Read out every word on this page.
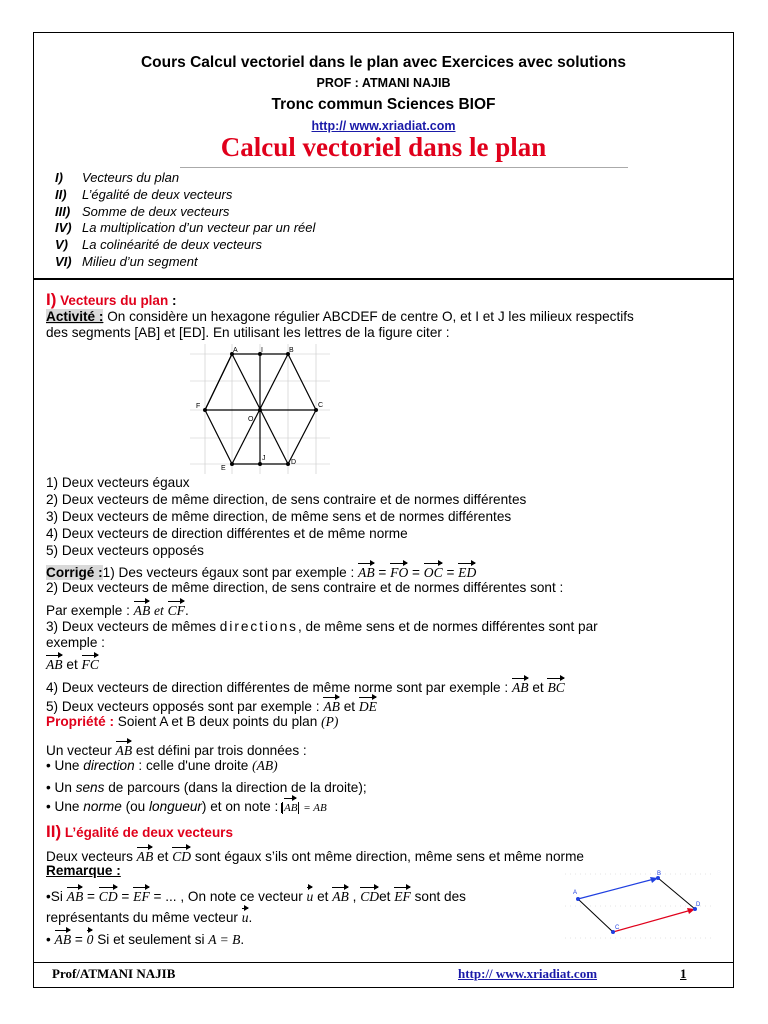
Cours Calcul vectoriel dans le plan avec Exercices avec solutions
PROF : ATMANI NAJIB
Tronc commun Sciences BIOF
http:// www.xriadiat.com
Calcul vectoriel dans le plan
I) Vecteurs du plan
II) L’égalité de deux vecteurs
III) Somme de deux vecteurs
IV) La multiplication d’un vecteur par un réel
V) La colinéarité de deux vecteurs
VI) Milieu d’un segment
I) Vecteurs du plan :
Activité : On considère un hexagone régulier ABCDEF de centre O, et I et J les milieux respectifs
des segments [AB] et [ED]. En utilisant les lettres de la figure citer :
A	I	B
F
O
C
E
J
D
1) Deux vecteurs égaux
2) Deux vecteurs de même direction, de sens contraire et de normes différentes
3) Deux vecteurs de même direction, de même sens et de normes différentes
4) Deux vecteurs de direction différentes et de même norme
5) Deux vecteurs opposés
Corrigé :1) Des vecteurs égaux sont par exemple : AB = FO = OC = ED
2) Deux vecteurs de même direction, de sens contraire et de normes différentes sont :
Par exemple : AB et CF.
3) Deux vecteurs de mêmes directions, de même sens et de normes différentes sont par
exemple :
AB et FC
4) Deux vecteurs de direction différentes de même norme sont par exemple : AB et BC
5) Deux vecteurs opposés sont par exemple : AB et DE
Propriété : Soient A et B deux points du plan (P)
Un vecteur AB est défini par trois données :
• Une direction : celle d'une droite (AB)
• Un sens de parcours (dans la direction de la droite);
• Une norme (ou longueur) et on note : AB = AB
II) L’égalité de deux vecteurs
Deux vecteurs AB et CD sont égaux s’ils ont même direction, même sens et même norme
Remarque :
•Si AB = CD = EF = ... , On note ce vecteur u et AB , CDet EF sont des
représentants du même vecteur u.
• AB = 0 Si et seulement si A = B.
A
B
C
D
Prof/ATMANI NAJIB	http:// www.xriadiat.com	1
